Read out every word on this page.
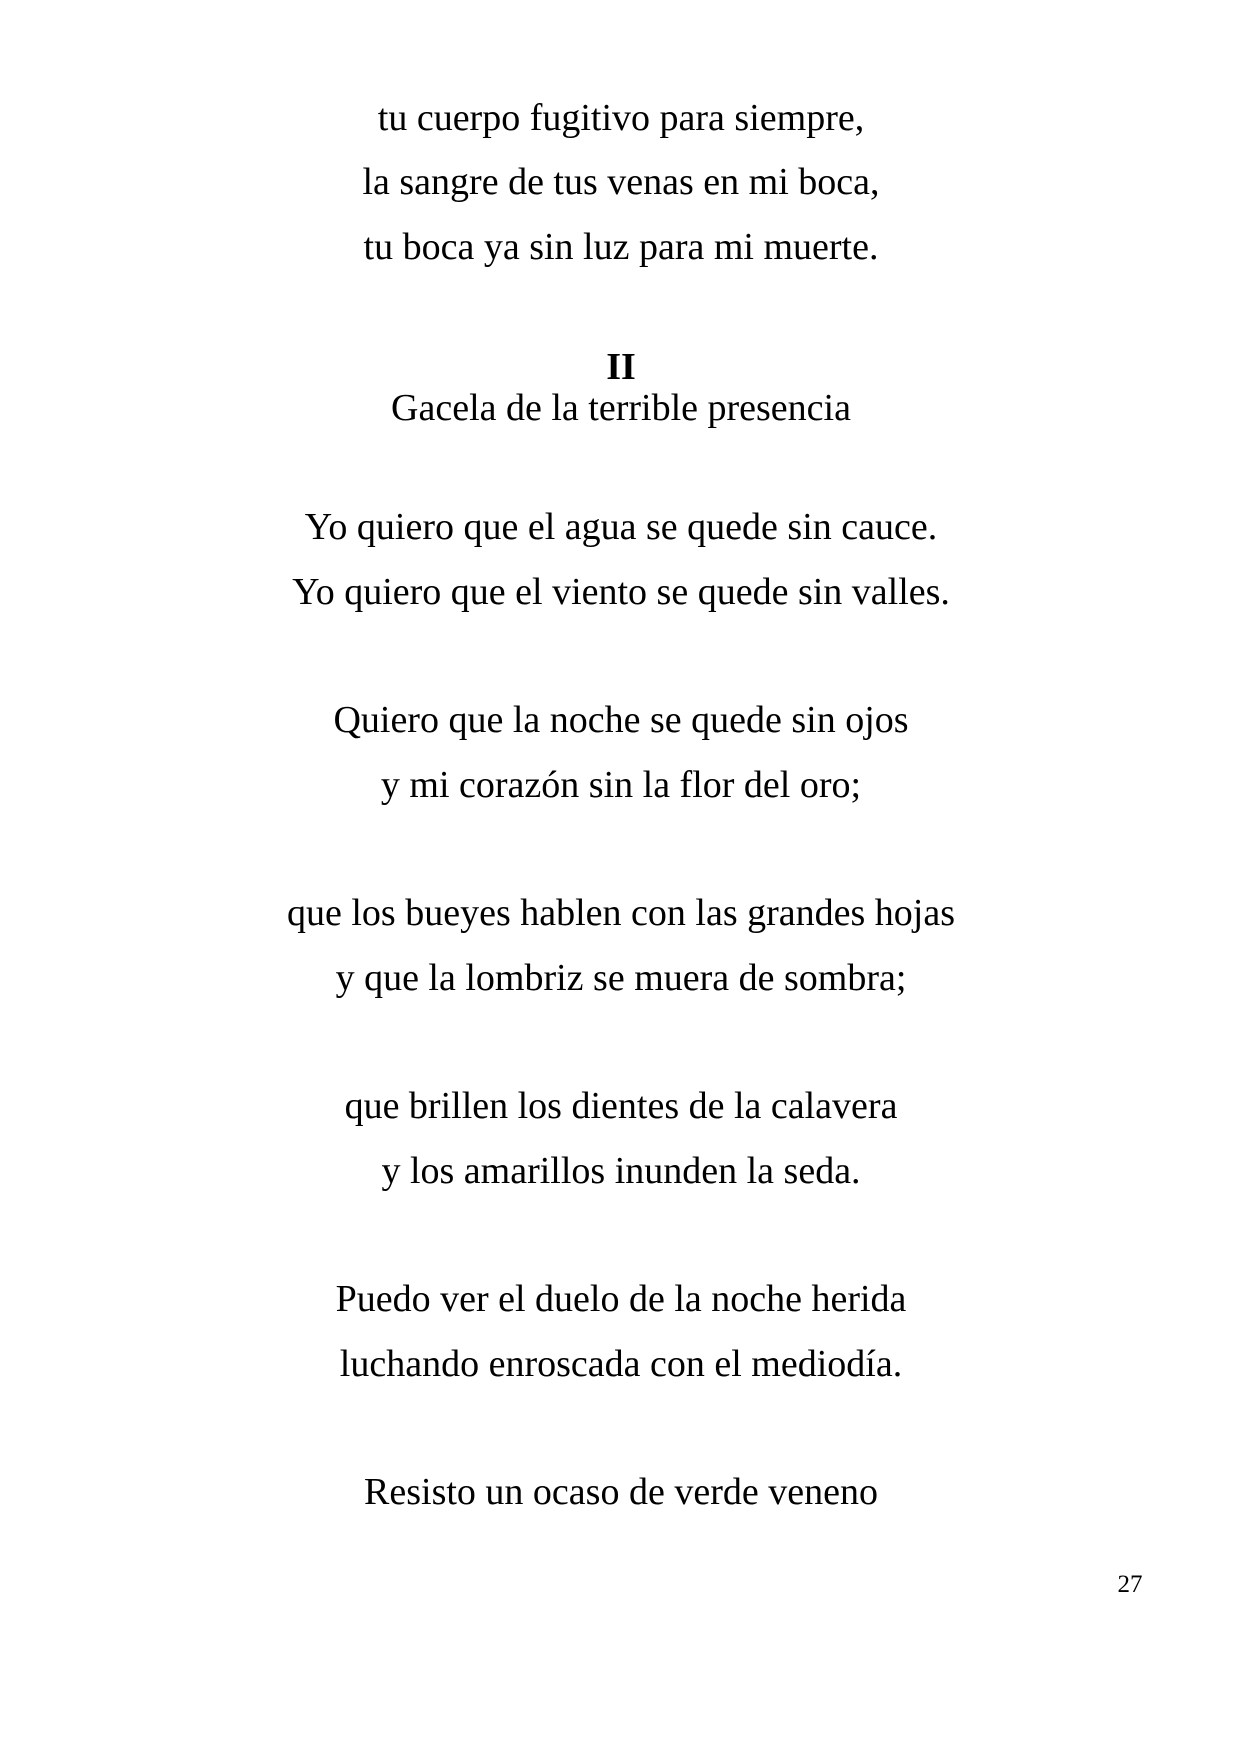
tu cuerpo fugitivo para siempre,
la sangre de tus venas en mi boca,
tu boca ya sin luz para mi muerte.
II
Gacela de la terrible presencia
Yo quiero que el agua se quede sin cauce.
Yo quiero que el viento se quede sin valles.
Quiero que la noche se quede sin ojos
y mi corazón sin la flor del oro;
que los bueyes hablen con las grandes hojas
y que la lombriz se muera de sombra;
que brillen los dientes de la calavera
y los amarillos inunden la seda.
Puedo ver el duelo de la noche herida
luchando enroscada con el mediodía.
Resisto un ocaso de verde veneno
27
